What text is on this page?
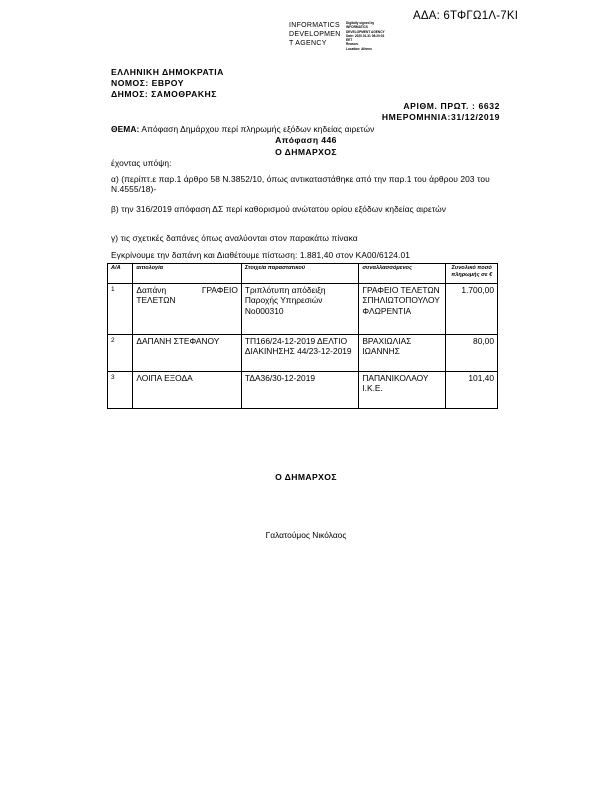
ΑΔΑ: 6ΤΦΓΩ1Λ-7ΚΙ
INFORMATICS
DEVELOPMEN
T AGENCY
Digitally signed by
INFORMATICS
DEVELOPMENT AGENCY
Date: 2020.01.31 08:20:01
EET
Reason:
Location: Athens
ΕΛΛΗΝΙΚΗ ΔΗΜΟΚΡΑΤΙΑ
ΝΟΜΟΣ: ΕΒΡΟΥ
ΔΗΜΟΣ: ΣΑΜΟΘΡΑΚΗΣ
ΑΡΙΘΜ. ΠΡΩΤ. : 6632
ΗΜΕΡΟΜΗΝΙΑ:31/12/2019
ΘΕΜΑ: Απόφαση Δημάρχου περί πληρωμής εξόδων κηδείας αιρετών
Απόφαση 446
Ο ΔΗΜΑΡΧΟΣ
έχοντας υπόψη:
α) (περίπτ.ε παρ.1 άρθρο 58 Ν.3852/10, όπως αντικαταστάθηκε από την παρ.1 του άρθρου 203 του Ν.4555/18)-
β) την 316/2019 απόφαση ΔΣ περί καθορισμού ανώτατου ορίου εξόδων κηδείας αιρετών
γ) τις σχετικές δαπάνες όπως αναλύονται στον παρακάτω πίνακα
Εγκρίνουμε την δαπάνη και Διαθέτουμε πίστωση: 1.881,40 στον ΚΑ00/6124.01
Α/Α	αιτιολογία	Στοιχεία παραστατικού	συναλλασσόμενος	Συνολικό ποσό πληρωμής σε €
1	Δαπάνη ΓΡΑΦΕΙΟ ΤΕΛΕΤΩΝ	Τριπλότυπη απόδειξη Παροχής Υπηρεσιών Νο000310	ΓΡΑΦΕΙΟ ΤΕΛΕΤΩΝ ΣΠΗΛΙΩΤΟΠΟΥΛΟΥ ΦΛΩΡΕΝΤΙΑ	1.700,00
2	ΔΑΠΑΝΗ ΣΤΕΦΑΝΟΥ	ΤΠ166/24-12-2019 ΔΕΛΤΙΟ ΔΙΑΚΙΝΗΣΗΣ 44/23-12-2019	ΒΡΑΧΙΩΛΙΑΣ ΙΩΑΝΝΗΣ	80,00
3	ΛΟΙΠΑ ΕΞΟΔΑ	ΤΔΑ36/30-12-2019	ΠΑΠΑΝΙΚΟΛΑΟΥ Ι.Κ.Ε.	101,40
Ο ΔΗΜΑΡΧΟΣ
Γαλατούμος Νικόλαος
